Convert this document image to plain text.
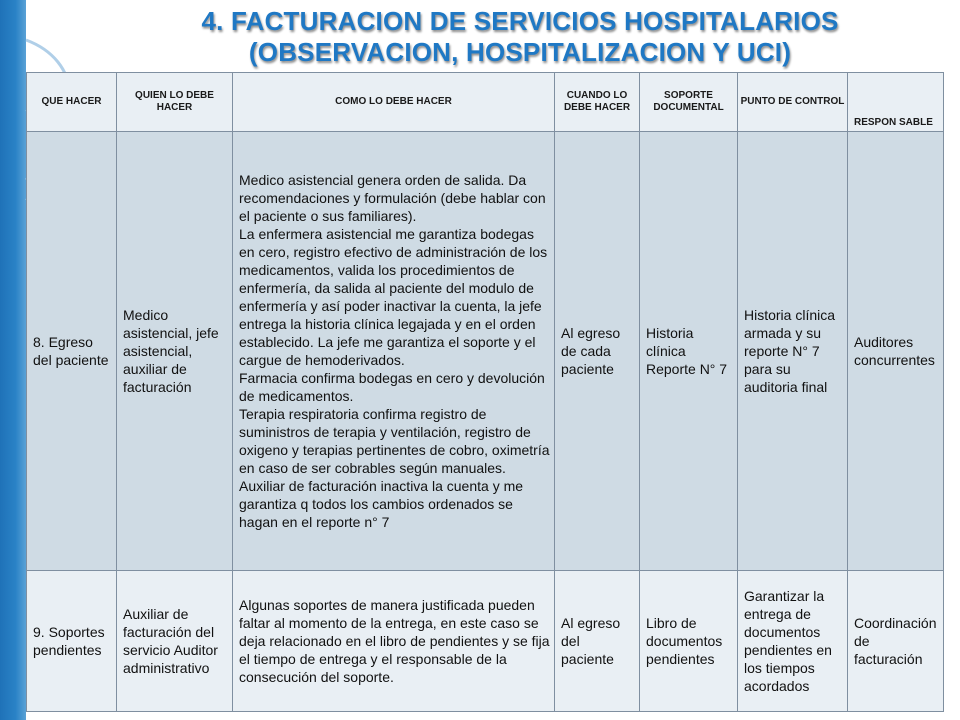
4. FACTURACION DE SERVICIOS HOSPITALARIOS
(OBSERVACION, HOSPITALIZACION Y UCI)
QUE HACER	QUIEN LO DEBE HACER	COMO LO DEBE HACER	CUANDO LO DEBE HACER	SOPORTE DOCUMENTAL	PUNTO DE CONTROL	RESPON SABLE
8. Egreso del paciente	Medico asistencial, jefe asistencial, auxiliar de facturación	Medico asistencial genera orden de salida. Da recomendaciones y formulación (debe hablar con el paciente o sus familiares).
La enfermera asistencial me garantiza bodegas en cero, registro efectivo de administración de los medicamentos, valida los procedimientos de enfermería, da salida al paciente del modulo de enfermería y así poder inactivar la cuenta, la jefe entrega la historia clínica legajada y en el orden establecido. La jefe me garantiza el soporte y el cargue de hemoderivados.
Farmacia confirma bodegas en cero y devolución de medicamentos.
Terapia respiratoria confirma registro de suministros de terapia y ventilación, registro de oxigeno y terapias pertinentes de cobro, oximetría en caso de ser cobrables según manuales.
Auxiliar de facturación inactiva la cuenta y me garantiza q todos los cambios ordenados se hagan en el reporte n° 7	Al egreso de cada paciente	Historia clínica Reporte N° 7	Historia clínica armada y su reporte N° 7 para su auditoria final	Auditores concurrentes
9. Soportes pendientes	Auxiliar de facturación del servicio Auditor administrativo	Algunas soportes de manera justificada pueden faltar al momento de la entrega, en este caso se deja relacionado en el libro de pendientes y se fija el tiempo de entrega y el responsable de la consecución del soporte.	Al egreso del paciente	Libro de documentos pendientes	Garantizar la entrega de documentos pendientes en los tiempos acordados	Coordinación de facturación
